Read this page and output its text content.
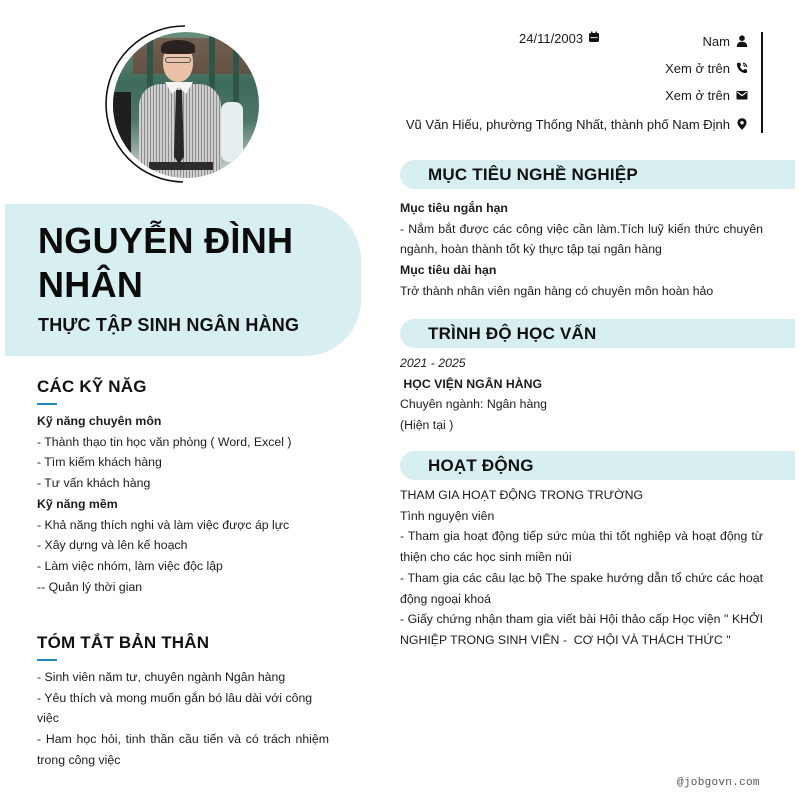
NGUYỄN ĐÌNH
NHÂN
THỰC TẬP SINH NGÂN HÀNG
24/11/2003	Nam
Xem ở trên
Xem ở trên
Vũ Văn Hiếu, phường Thống Nhất, thành phố Nam Định
CÁC KỸ NĂG
Kỹ năng chuyên môn
- Thành thạo tin học văn phòng ( Word, Excel )
- Tìm kiếm khách hàng
- Tư vấn khách hàng
Kỹ năng mềm
- Khả năng thích nghi và làm việc được áp lực
- Xây dựng và lên kế hoạch
- Làm việc nhóm, làm việc độc lập
-- Quản lý thời gian
TÓM TẮT BẢN THÂN
- Sinh viên năm tư, chuyên ngành Ngân hàng
- Yêu thích và mong muốn gắn bó lâu dài với công việc
- Ham học hỏi, tinh thần cầu tiến và có trách nhiệm trong công việc
MỤC TIÊU NGHỀ NGHIỆP
Mục tiêu ngắn hạn
- Nắm bắt được các công việc cần làm.Tích luỹ kiến thức chuyên ngành, hoàn thành tốt kỳ thực tập tại ngân hàng
Mục tiêu dài hạn
Trở thành nhân viên ngân hàng có chuyên môn hoàn hảo
TRÌNH ĐỘ HỌC VẤN
2021 - 2025
HỌC VIỆN NGÂN HÀNG
Chuyên ngành: Ngân hàng
(Hiện tại )
HOẠT ĐỘNG
THAM GIA HOẠT ĐỘNG TRONG TRƯỜNG
Tình nguyện viên
- Tham gia hoạt động tiếp sức mùa thi tốt nghiệp và hoạt động từ thiện cho các học sinh miền núi
- Tham gia các câu lạc bộ The spake hướng dẫn tổ chức các hoạt động ngoại khoá
- Giấy chứng nhận tham gia viết bài Hội thảo cấp Học viện " KHỞI NGHIỆP TRONG SINH VIÊN -  CƠ HỘI VÀ THÁCH THỨC "
@jobgovn.com
